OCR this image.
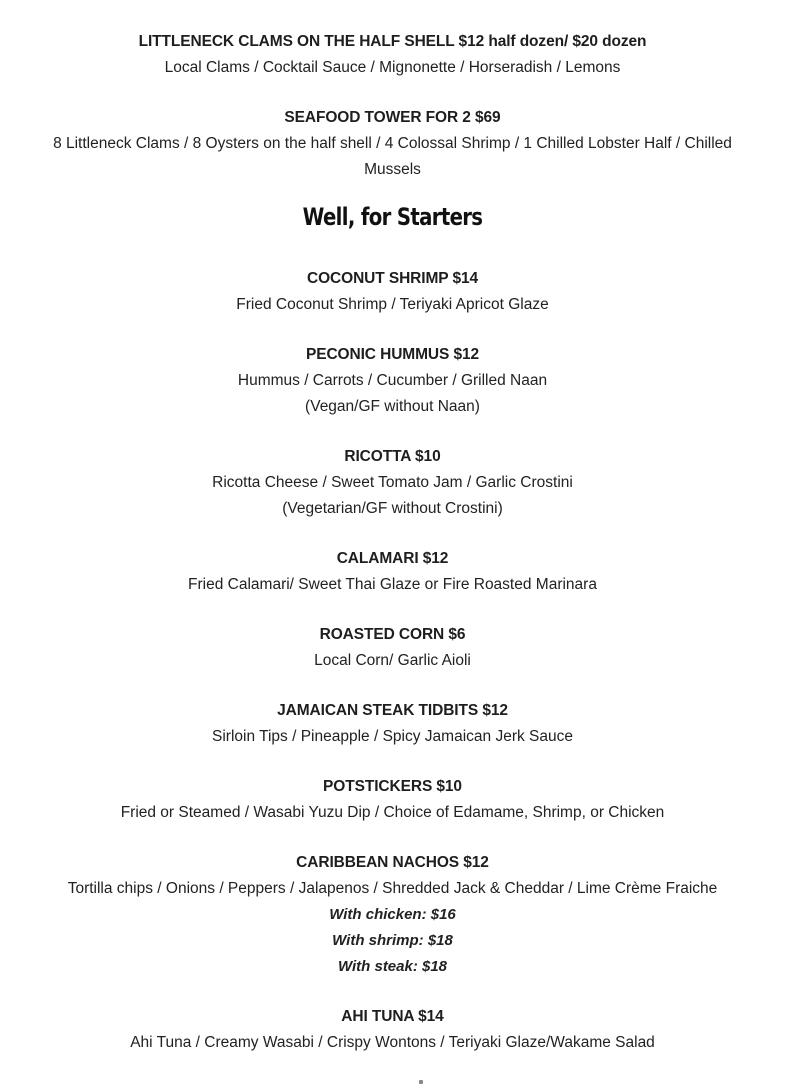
LITTLENECK CLAMS ON THE HALF SHELL $12 half dozen/ $20 dozen
Local Clams / Cocktail Sauce / Mignonette / Horseradish / Lemons
SEAFOOD TOWER FOR 2 $69
8 Littleneck Clams / 8 Oysters on the half shell / 4 Colossal Shrimp / 1 Chilled Lobster Half / Chilled
Mussels
Well, for Starters
COCONUT SHRIMP $14
Fried Coconut Shrimp / Teriyaki Apricot Glaze
PECONIC HUMMUS $12
Hummus / Carrots / Cucumber / Grilled Naan
(Vegan/GF without Naan)
RICOTTA $10
Ricotta Cheese / Sweet Tomato Jam / Garlic Crostini
(Vegetarian/GF without Crostini)
CALAMARI $12
Fried Calamari/ Sweet Thai Glaze or Fire Roasted Marinara
ROASTED CORN $6
Local Corn/ Garlic Aioli
JAMAICAN STEAK TIDBITS $12
Sirloin Tips / Pineapple / Spicy Jamaican Jerk Sauce
POTSTICKERS $10
Fried or Steamed / Wasabi Yuzu Dip / Choice of Edamame, Shrimp, or Chicken
CARIBBEAN NACHOS $12
Tortilla chips / Onions / Peppers / Jalapenos / Shredded Jack & Cheddar / Lime Crème Fraiche
With chicken: $16
With shrimp: $18
With steak: $18
AHI TUNA $14
Ahi Tuna / Creamy Wasabi / Crispy Wontons / Teriyaki Glaze/Wakame Salad
